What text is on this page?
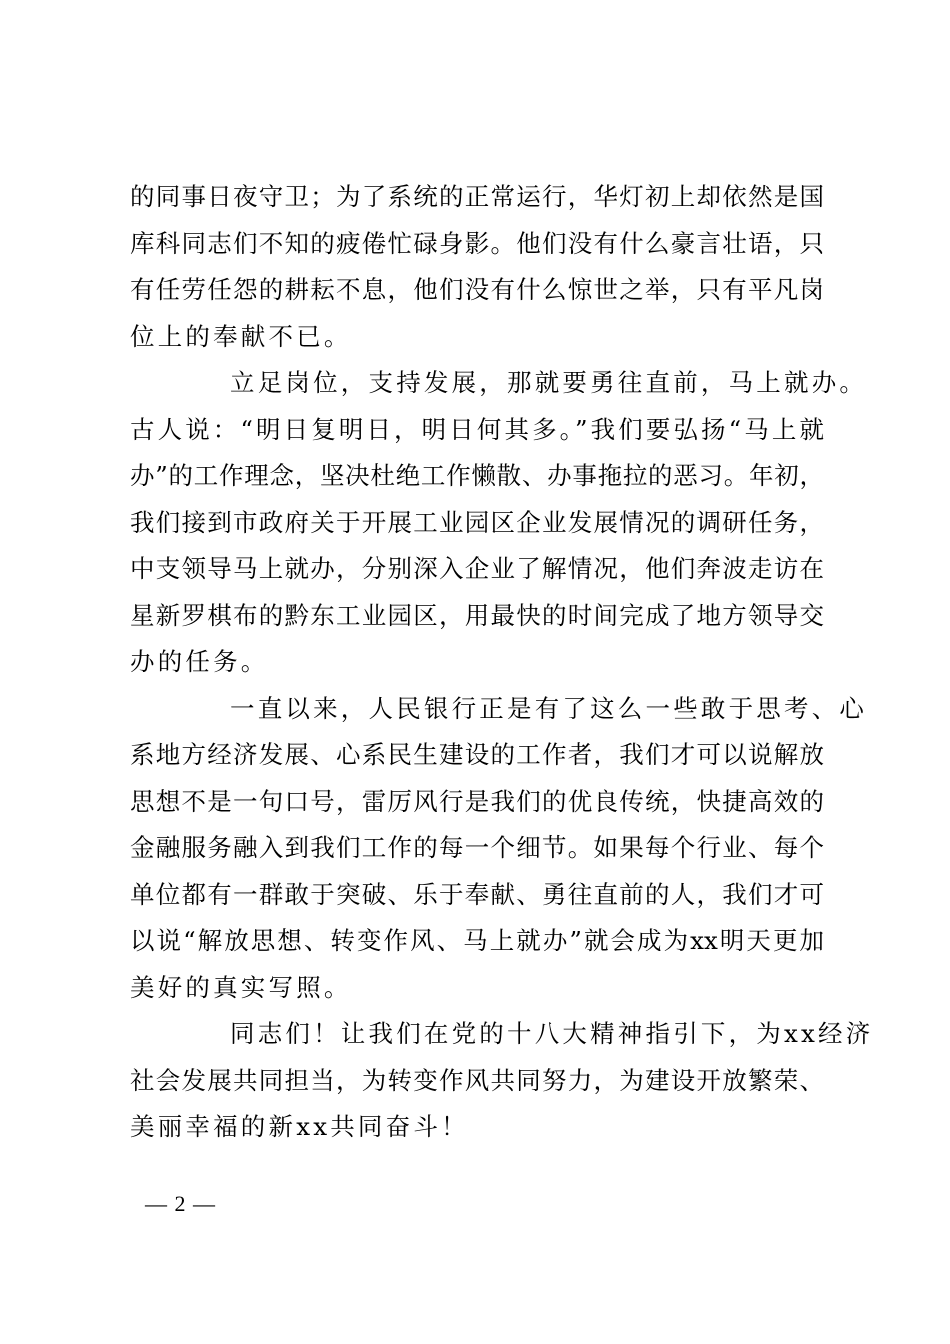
的同事日夜守卫；为了系统的正常运行，华灯初上却依然是国
库科同志们不知的疲倦忙碌身影。他们没有什么豪言壮语，只
有任劳任怨的耕耘不息，他们没有什么惊世之举，只有平凡岗
位上的奉献不已。
立足岗位，支持发展，那就要勇往直前，马上就办。
古人说：“明日复明日，明日何其多。”我们要弘扬“马上就
办”的工作理念，坚决杜绝工作懒散、办事拖拉的恶习。年初，
我们接到市政府关于开展工业园区企业发展情况的调研任务，
中支领导马上就办，分别深入企业了解情况，他们奔波走访在
星新罗棋布的黔东工业园区，用最快的时间完成了地方领导交
办的任务。
一直以来，人民银行正是有了这么一些敢于思考、心
系地方经济发展、心系民生建设的工作者，我们才可以说解放
思想不是一句口号，雷厉风行是我们的优良传统，快捷高效的
金融服务融入到我们工作的每一个细节。如果每个行业、每个
单位都有一群敢于突破、乐于奉献、勇往直前的人，我们才可
以说“解放思想、转变作风、马上就办”就会成为xx明天更加
美好的真实写照。
同志们！让我们在党的十八大精神指引下，为xx经济
社会发展共同担当，为转变作风共同努力，为建设开放繁荣、
美丽幸福的新xx共同奋斗！
— 2 —
